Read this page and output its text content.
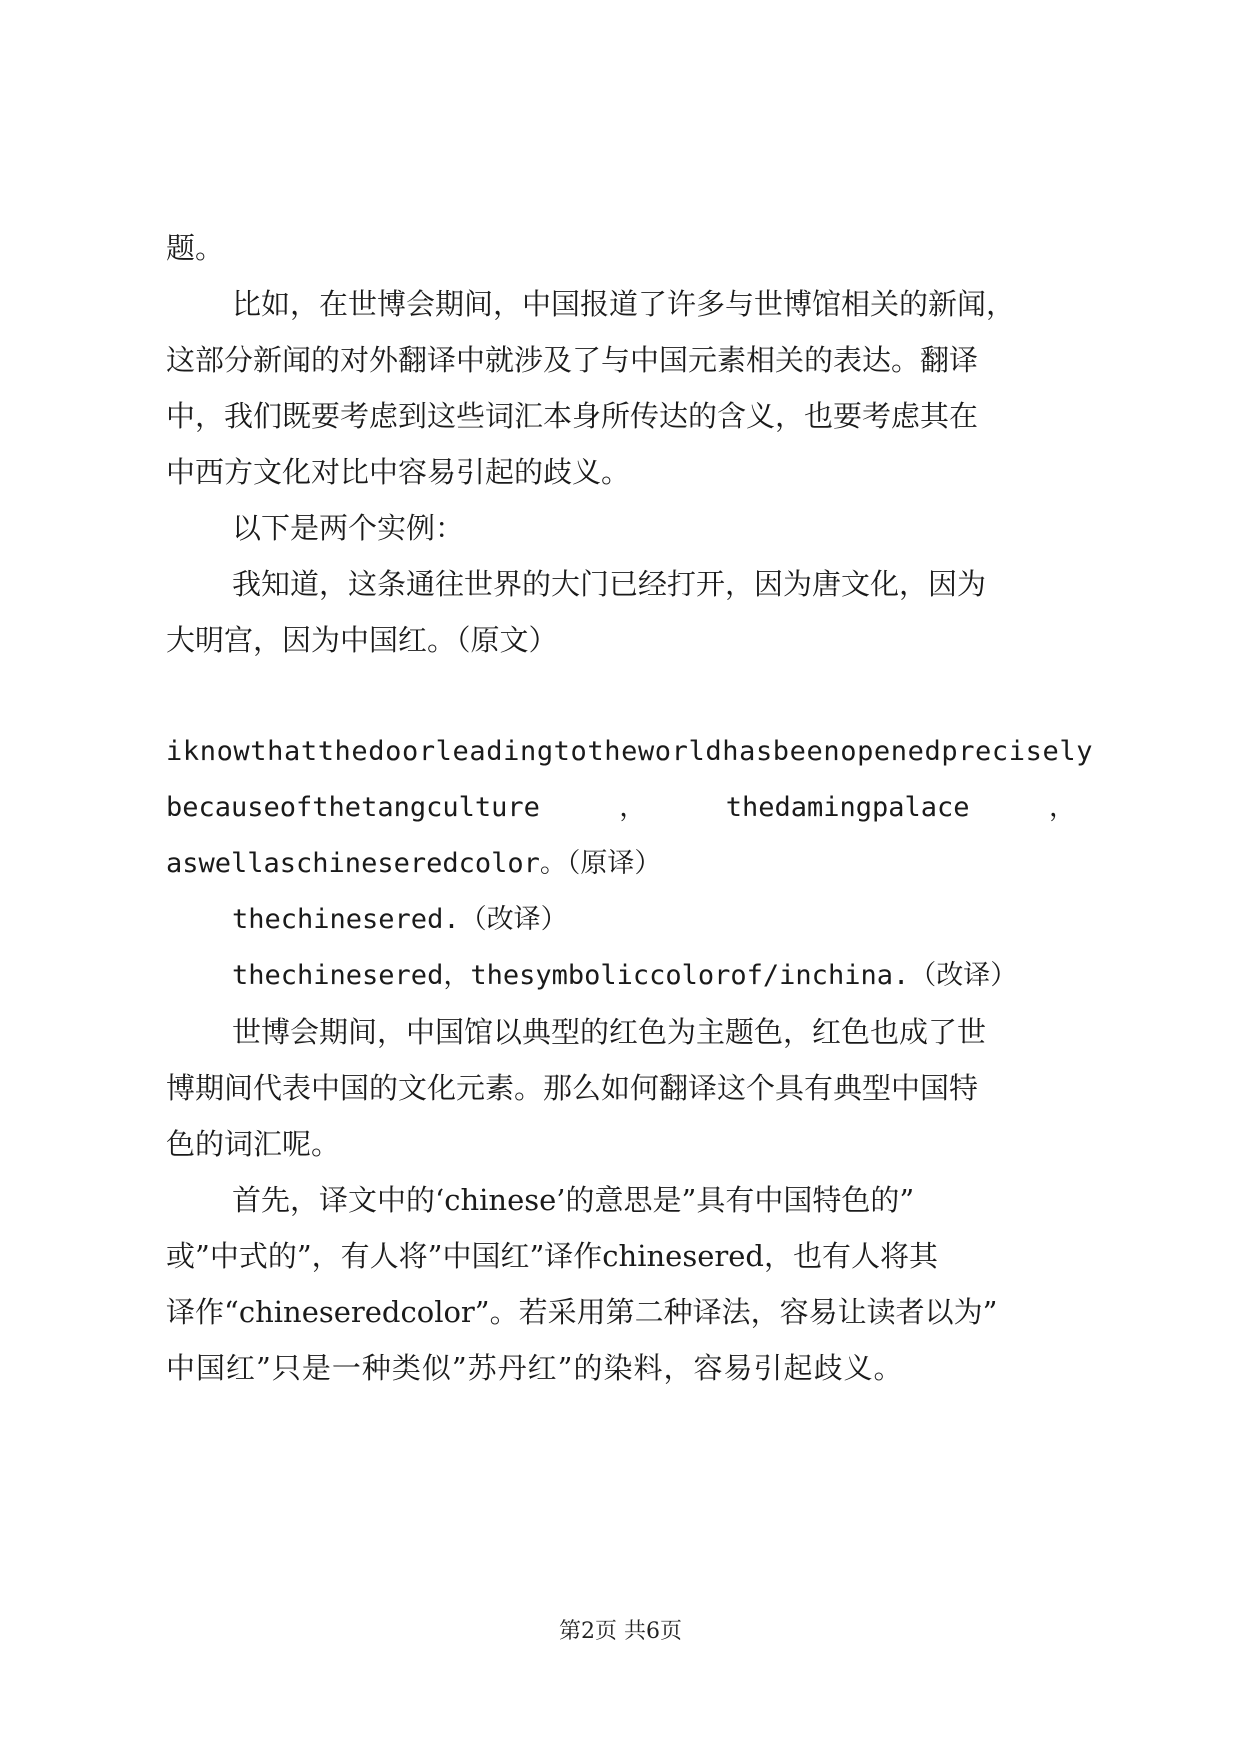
题。
比如，在世博会期间，中国报道了许多与世博馆相关的新闻，
这部分新闻的对外翻译中就涉及了与中国元素相关的表达。翻译
中，我们既要考虑到这些词汇本身所传达的含义，也要考虑其在
中西方文化对比中容易引起的歧义。
以下是两个实例：
我知道，这条通往世界的大门已经打开，因为唐文化，因为
大明宫，因为中国红。（原文）
iknowthatthedoorleadingtotheworldhasbeenopenedprecisely
becauseofthetangculture	，	thedamingpalace	，
aswellaschineseredcolor。（原译）
thechinesered.（改译）
thechinesered，thesymboliccolorof/inchina.（改译）
世博会期间，中国馆以典型的红色为主题色，红色也成了世
博期间代表中国的文化元素。那么如何翻译这个具有典型中国特
色的词汇呢。
首先，译文中的‘chinese’的意思是”具有中国特色的”
或”中式的”，有人将”中国红”译作chinesered，也有人将其
译作“chineseredcolor”。若采用第二种译法，容易让读者以为”
中国红”只是一种类似”苏丹红”的染料，容易引起歧义。
第2页 共6页
